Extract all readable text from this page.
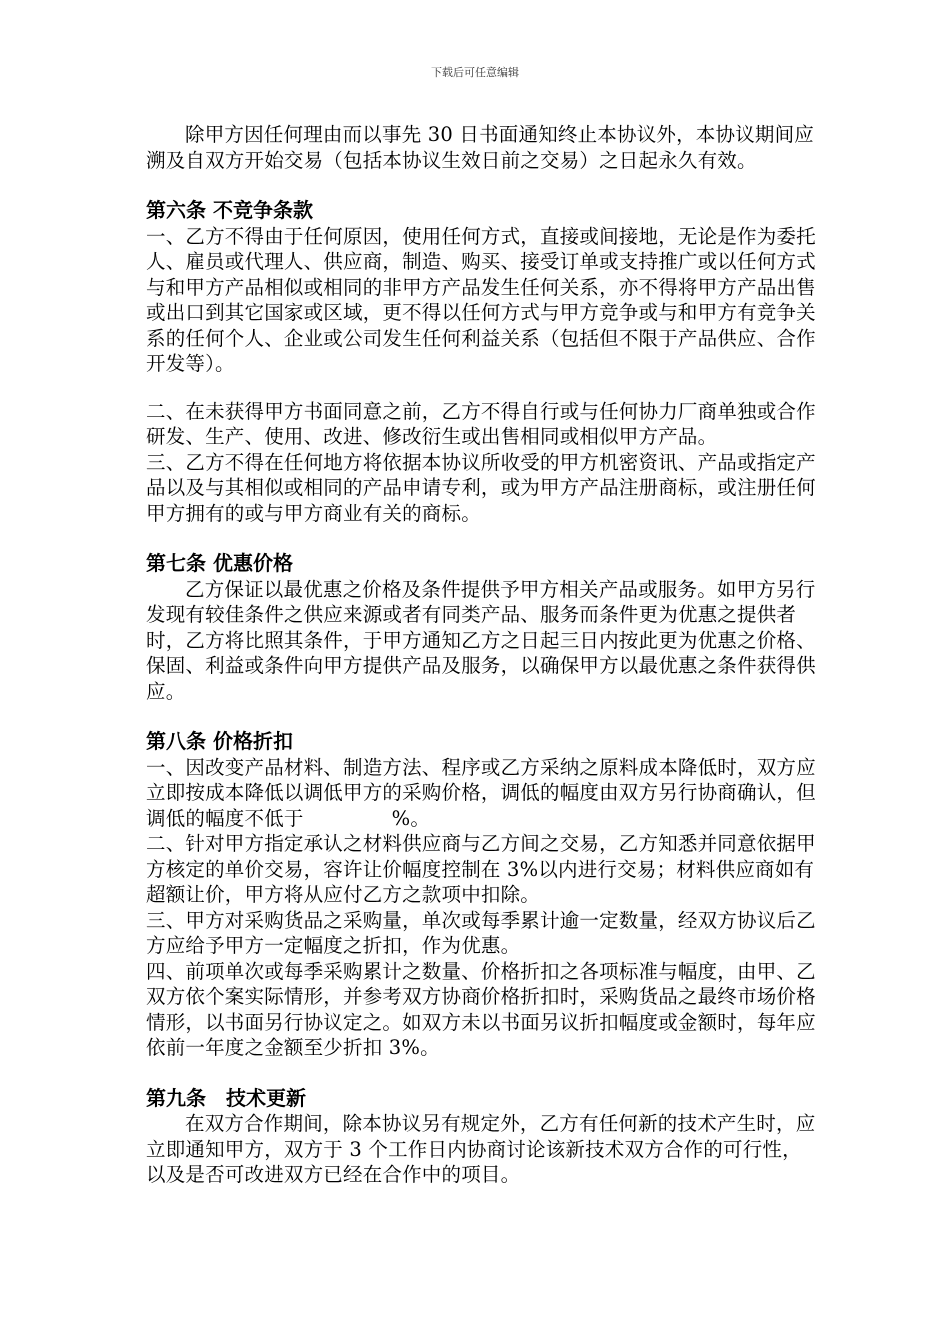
下载后可任意编辑

除甲方因任何理由而以事先 30 日书面通知终止本协议外，本协议期间应溯及自双方开始交易（包括本协议生效日前之交易）之日起永久有效。

第六条 不竞争条款

一、乙方不得由于任何原因，使用任何方式，直接或间接地，无论是作为委托人、雇员或代理人、供应商，制造、购买、接受订单或支持推广或以任何方式与和甲方产品相似或相同的非甲方产品发生任何关系，亦不得将甲方产品出售或出口到其它国家或区域，更不得以任何方式与甲方竞争或与和甲方有竞争关系的任何个人、企业或公司发生任何利益关系（包括但不限于产品供应、合作开发等）。

二、在未获得甲方书面同意之前，乙方不得自行或与任何协力厂商单独或合作研发、生产、使用、改进、修改衍生或出售相同或相似甲方产品。

三、乙方不得在任何地方将依据本协议所收受的甲方机密资讯、产品或指定产品以及与其相似或相同的产品申请专利，或为甲方产品注册商标，或注册任何甲方拥有的或与甲方商业有关的商标。

第七条 优惠价格

乙方保证以最优惠之价格及条件提供予甲方相关产品或服务。如甲方另行发现有较佳条件之供应来源或者有同类产品、服务而条件更为优惠之提供者时，乙方将比照其条件，于甲方通知乙方之日起三日内按此更为优惠之价格、保固、利益或条件向甲方提供产品及服务，以确保甲方以最优惠之条件获得供应。

第八条 价格折扣

一、因改变产品材料、制造方法、程序或乙方采纳之原料成本降低时，双方应立即按成本降低以调低甲方的采购价格，调低的幅度由双方另行协商确认，但调低的幅度不低于	%。

二、针对甲方指定承认之材料供应商与乙方间之交易，乙方知悉并同意依据甲方核定的单价交易，容许让价幅度控制在 3%以内进行交易；材料供应商如有超额让价，甲方将从应付乙方之款项中扣除。

三、甲方对采购货品之采购量，单次或每季累计逾一定数量，经双方协议后乙方应给予甲方一定幅度之折扣，作为优惠。

四、前项单次或每季采购累计之数量、价格折扣之各项标准与幅度，由甲、乙双方依个案实际情形，并参考双方协商价格折扣时，采购货品之最终市场价格情形，以书面另行协议定之。如双方未以书面另议折扣幅度或金额时，每年应依前一年度之金额至少折扣 3%。

第九条　技术更新

在双方合作期间，除本协议另有规定外，乙方有任何新的技术产生时，应立即通知甲方，双方于 3 个工作日内协商讨论该新技术双方合作的可行性，以及是否可改进双方已经在合作中的项目。
